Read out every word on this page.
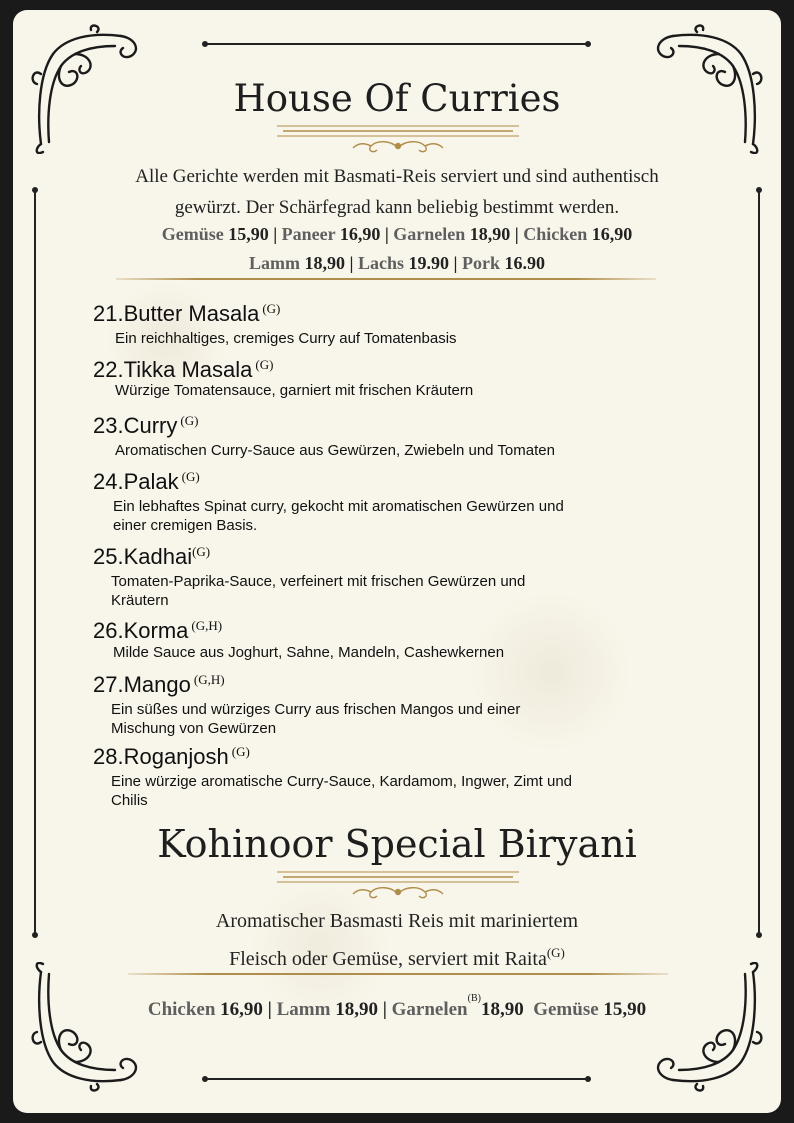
House Of Curries
Alle Gerichte werden mit Basmati-Reis serviert und sind authentisch
gewürzt. Der Schärfegrad kann beliebig bestimmt werden.
Gemüse 15,90 | Paneer 16,90 | Garnelen 18,90 | Chicken 16,90
Lamm 18,90 | Lachs 19.90 | Pork 16.90
21.Butter Masala $^{(G)}$
Ein reichhaltiges, cremiges Curry auf Tomatenbasis
22.Tikka Masala $^{(G)}$
Würzige Tomatensauce, garniert mit frischen Kräutern
23.Curry $^{(G)}$
Aromatischen Curry-Sauce aus Gewürzen, Zwiebeln und Tomaten
24.Palak $^{(G)}$
Ein lebhaftes Spinat curry, gekocht mit aromatischen Gewürzen und einer cremigen Basis.
25.Kadhai$^{(G)}$
Tomaten-Paprika-Sauce, verfeinert mit frischen Gewürzen und Kräutern
26.Korma $^{(G,H)}$
Milde Sauce aus Joghurt, Sahne, Mandeln, Cashewkernen
27.Mango $^{(G,H)}$
Ein süßes und würziges Curry aus frischen Mangos und einer Mischung von Gewürzen
28.Roganjosh $^{(G)}$
Eine würzige aromatische Curry-Sauce, Kardamom, Ingwer, Zimt und Chilis
Kohinoor Special Biryani
Aromatischer Basmasti Reis mit mariniertem
Fleisch oder Gemüse, serviert mit Raita$^{(G)}$
Chicken 16,90 | Lamm 18,90 | Garnelen$^{(B)}$18,90 Gemüse 15,90
